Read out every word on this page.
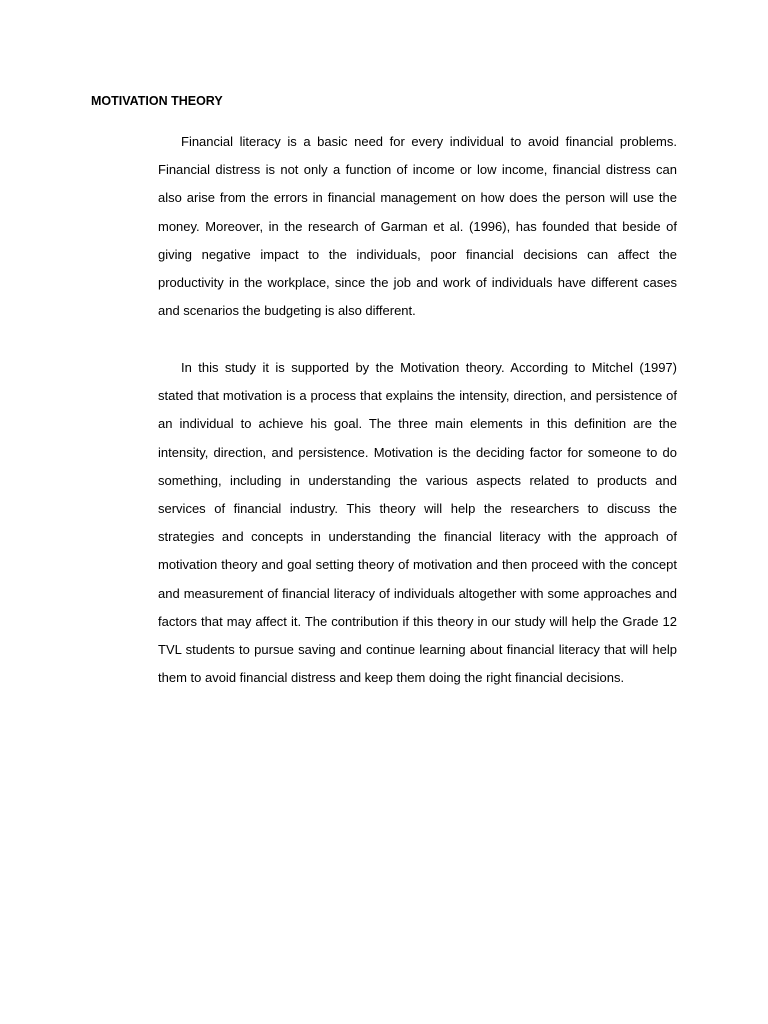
MOTIVATION THEORY

Financial literacy is a basic need for every individual to avoid financial problems. Financial distress is not only a function of income or low income, financial distress can also arise from the errors in financial management on how does the person will use the money. Moreover, in the research of Garman et al. (1996), has founded that beside of giving negative impact to the individuals, poor financial decisions can affect the productivity in the workplace, since the job and work of individuals have different cases and scenarios the budgeting is also different.

In this study it is supported by the Motivation theory. According to Mitchel (1997) stated that motivation is a process that explains the intensity, direction, and persistence of an individual to achieve his goal. The three main elements in this definition are the intensity, direction, and persistence. Motivation is the deciding factor for someone to do something, including in understanding the various aspects related to products and services of financial industry. This theory will help the researchers to discuss the strategies and concepts in understanding the financial literacy with the approach of motivation theory and goal setting theory of motivation and then proceed with the concept and measurement of financial literacy of individuals altogether with some approaches and factors that may affect it. The contribution if this theory in our study will help the Grade 12 TVL students to pursue saving and continue learning about financial literacy that will help them to avoid financial distress and keep them doing the right financial decisions.
